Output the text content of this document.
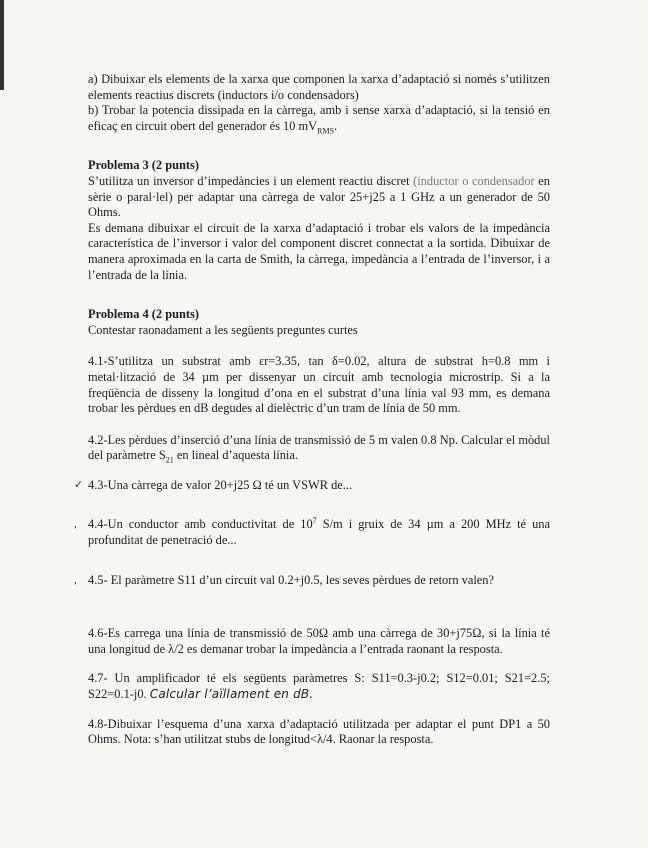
a) Dibuixar els elements de la xarxa que componen la xarxa d’adaptació si només s’utilitzen elements reactius discrets (inductors i/o condensadors)

b) Trobar la potencia dissipada en la càrrega, amb i sense xarxa d’adaptació, si la tensió en eficaç en circuit obert del generador és 10 $mV_{RMS}$.

Problema 3 (2 punts)

S’utilitza un inversor d’impedàncies i un element reactiu discret (inductor o condensador en sèrie o paral·lel) per adaptar una càrrega de valor 25+j25 a 1 GHz a un generador de 50 Ohms.

Es demana dibuixar el circuit de la xarxa d’adaptació i trobar els valors de la impedància característica de l’inversor i valor del component discret connectat a la sortida. Dibuixar de manera aproximada en la carta de Smith, la càrrega, impedància a l’entrada de l’inversor, i a l’entrada de la línia.

Problema 4 (2 punts)

Contestar raonadament a les següents preguntes curtes

4.1-S’utilitza un substrat amb εr=3.35, tan δ=0.02, altura de substrat h=0.8 mm i metal·lització de 34 µm per dissenyar un circuit amb tecnologia microstrip. Si a la freqüència de disseny la longitud d’ona en el substrat d’una línia val 93 mm, es demana trobar les pèrdues en dB degudes al dielèctric d’un tram de línia de 50 mm.

4.2-Les pèrdues d’inserció d’una línia de transmissió de 5 m valen 0.8 Np. Calcular el mòdul del paràmetre $S_{21}$ en lineal d’aquesta línia.

✓ 4.3-Una càrrega de valor 20+j25 Ω té un VSWR de...

, 4.4-Un conductor amb conductivitat de $10^7$ S/m i gruix de 34 µm a 200 MHz té una profunditat de penetració de...

, 4.5- El paràmetre S11 d’un circuit val 0.2+j0.5, les seves pèrdues de retorn valen?

4.6-Es carrega una línia de transmissió de 50Ω amb una càrrega de 30+j75Ω, si la línia té una longitud de λ/2 es demanar trobar la impedància a l’entrada raonant la resposta.

4.7- Un amplificador té els següents paràmetres S: S11=0.3-j0.2; S12=0.01; S21=2.5; S22=0.1-j0. Calcular l’aïllament en dB.

4.8-Dibuixar l’esquema d’una xarxa d’adaptació utilitzada per adaptar el punt DP1 a 50 Ohms. Nota: s’han utilitzat stubs de longitud<λ/4. Raonar la resposta.
